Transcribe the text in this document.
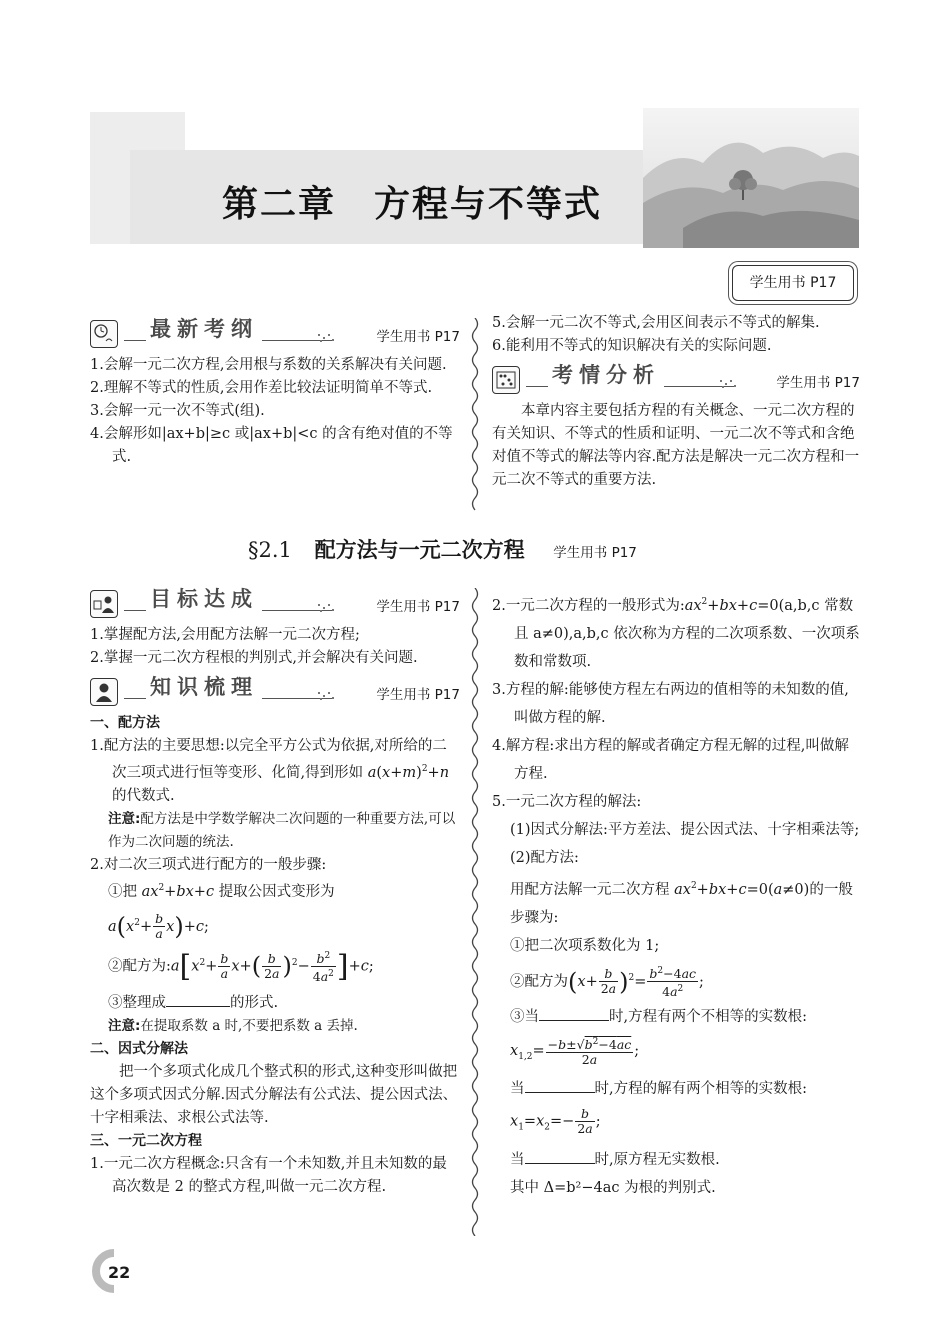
第二章　方程与不等式
学生用书 P17
最新考纲	学生用书 P17

1.会解一元二次方程,会用根与系数的关系解决有关问题.

2.理解不等式的性质,会用作差比较法证明简单不等式.

3.会解一元一次不等式(组).

4.会解形如|ax+b|≥c 或|ax+b|<c 的含有绝对值的不等式.

5.会解一元二次不等式,会用区间表示不等式的解集.

6.能利用不等式的知识解决有关的实际问题.

考情分析	学生用书 P17

本章内容主要包括方程的有关概念、一元二次方程的有关知识、不等式的性质和证明、一元二次不等式和含绝对值不等式的解法等内容.配方法是解决一元二次方程和一元二次不等式的重要方法.

§2.1 配方法与一元二次方程 学生用书 P17
目标达成	学生用书 P17

1.掌握配方法,会用配方法解一元二次方程;

2.掌握一元二次方程根的判别式,并会解决有关问题.

知识梳理	学生用书 P17

一、配方法

1.配方法的主要思想:以完全平方公式为依据,对所给的二次三项式进行恒等变形、化简,得到形如 $a(x+m)^2+n$ 的代数式.

注意:配方法是中学数学解决二次问题的一种重要方法,可以作为二次问题的统法.

2.对二次三项式进行配方的一般步骤:

①把 $ax^2+bx+c$ 提取公因式变形为

$a(x^2+ \frac{b}{a} x)+c$;

②配方为$:a[x^2+ \frac{b}{a} x+( \frac{b}{2a} )^2- \frac{b^2}{4a^2} ]+c$;

③整理成	的形式.

注意:在提取系数 a 时,不要把系数 a 丢掉.

二、因式分解法

把一个多项式化成几个整式积的形式,这种变形叫做把这个多项式因式分解.因式分解法有公式法、提公因式法、十字相乘法、求根公式法等.

三、一元二次方程

1.一元二次方程概念:只含有一个未知数,并且未知数的最高次数是 2 的整式方程,叫做一元二次方程.

2.一元二次方程的一般形式为$:ax^2+bx+c=0(a,b,c$ 常数且 a≠0),a,b,c 依次称为方程的二次项系数、一次项系数和常数项.

3.方程的解:能够使方程左右两边的值相等的未知数的值,叫做方程的解.

4.解方程:求出方程的解或者确定方程无解的过程,叫做解方程.

5.一元二次方程的解法:

(1)因式分解法:平方差法、提公因式法、十字相乘法等;

(2)配方法:

用配方法解一元二次方程 $ax^2+bx+c=0(a\ne 0)$的一般步骤为:

①把二次项系数化为 1;

②配方为$(x+ \frac{b}{2a} )^2= \frac{b^2-4ac}{4a^2}$ ;

③当	时,方程有两个不相等的实数根:

$x_{1,2}= \frac{-b\pm√b^2-4ac}{2a}$ ;

当	时,方程的解有两个相等的实数根:

$x_1=x_2=- \frac{b}{2a}$ ;

当	时,原方程无实数根.

其中 Δ=b²−4ac 为根的判别式.

22
